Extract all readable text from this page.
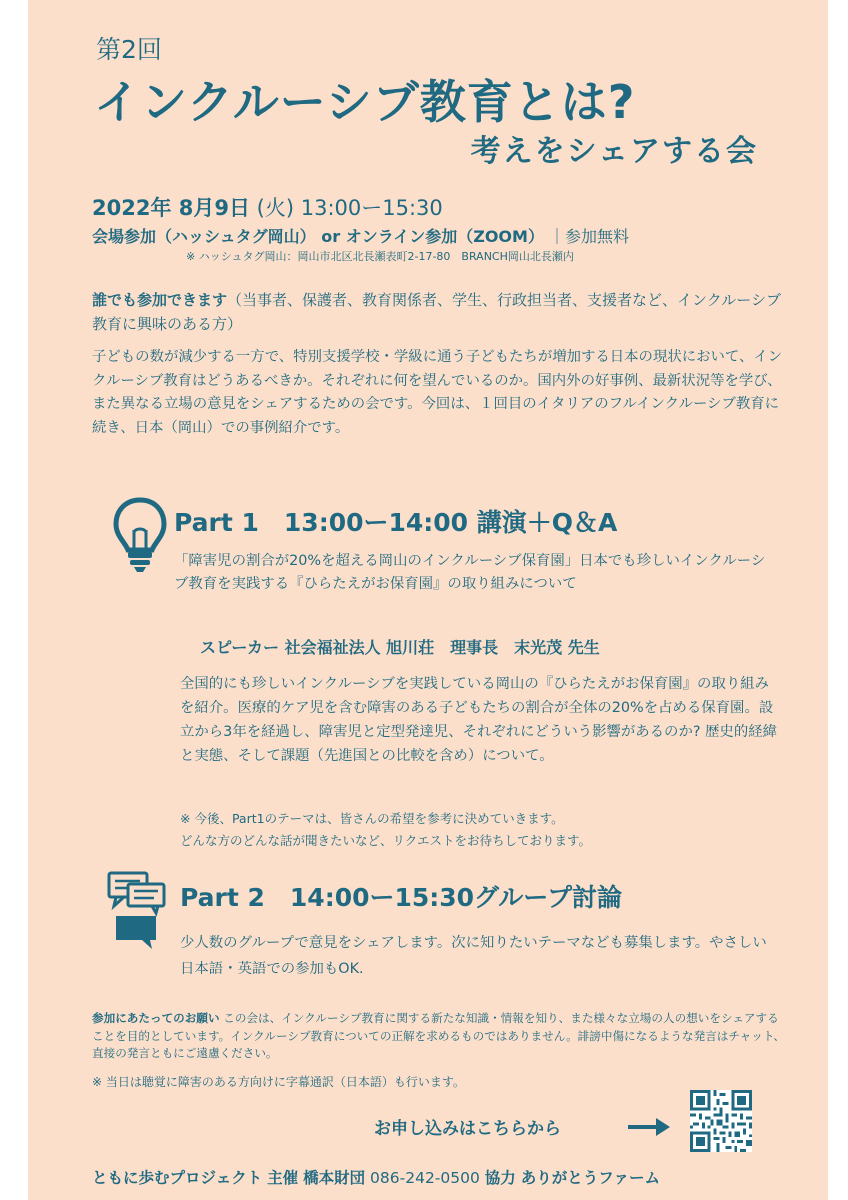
第2回
インクルーシブ教育とは?
考えをシェアする会
2022年 8月9日 (火) 13:00ー15:30
会場参加（ハッシュタグ岡山） or オンライン参加（ZOOM） ｜参加無料
※ ハッシュタグ岡山：岡山市北区北長瀬表町2-17-80　BRANCH岡山北長瀬内
誰でも参加できます（当事者、保護者、教育関係者、学生、行政担当者、支援者など、インクルーシブ教育に興味のある方）
子どもの数が減少する一方で、特別支援学校・学級に通う子どもたちが増加する日本の現状において、インクルーシブ教育はどうあるべきか。それぞれに何を望んでいるのか。国内外の好事例、最新状況等を学び、また異なる立場の意見をシェアするための会です。今回は、１回目のイタリアのフルインクルーシブ教育に続き、日本（岡山）での事例紹介です。
Part 1　13:00ー14:00 講演＋Q＆A
「障害児の割合が20%を超える岡山のインクルーシブ保育園」日本でも珍しいインクルーシブ教育を実践する『ひらたえがお保育園』の取り組みについて
スピーカー 社会福祉法人 旭川荘　理事長　末光茂 先生
全国的にも珍しいインクルーシブを実践している岡山の『ひらたえがお保育園』の取り組みを紹介。医療的ケア児を含む障害のある子どもたちの割合が全体の20%を占める保育園。設立から3年を経過し、障害児と定型発達児、それぞれにどういう影響があるのか? 歴史的経緯と実態、そして課題（先進国との比較を含め）について。
※ 今後、Part1のテーマは、皆さんの希望を参考に決めていきます。
どんな方のどんな話が聞きたいなど、リクエストをお待ちしております。
Part 2　14:00ー15:30グループ討論
少人数のグループで意見をシェアします。次に知りたいテーマなども募集します。やさしい日本語・英語での参加もOK.
参加にあたってのお願い この会は、インクルーシブ教育に関する新たな知識・情報を知り、また様々な立場の人の想いをシェアすることを目的としています。インクルーシブ教育についての正解を求めるものではありません。誹謗中傷になるような発言はチャット、直接の発言ともにご遠慮ください。
※ 当日は聴覚に障害のある方向けに字幕通訳（日本語）も行います。
お申し込みはこちらから
ともに歩むプロジェクト 主催 橋本財団 086-242-0500 協力 ありがとうファーム
